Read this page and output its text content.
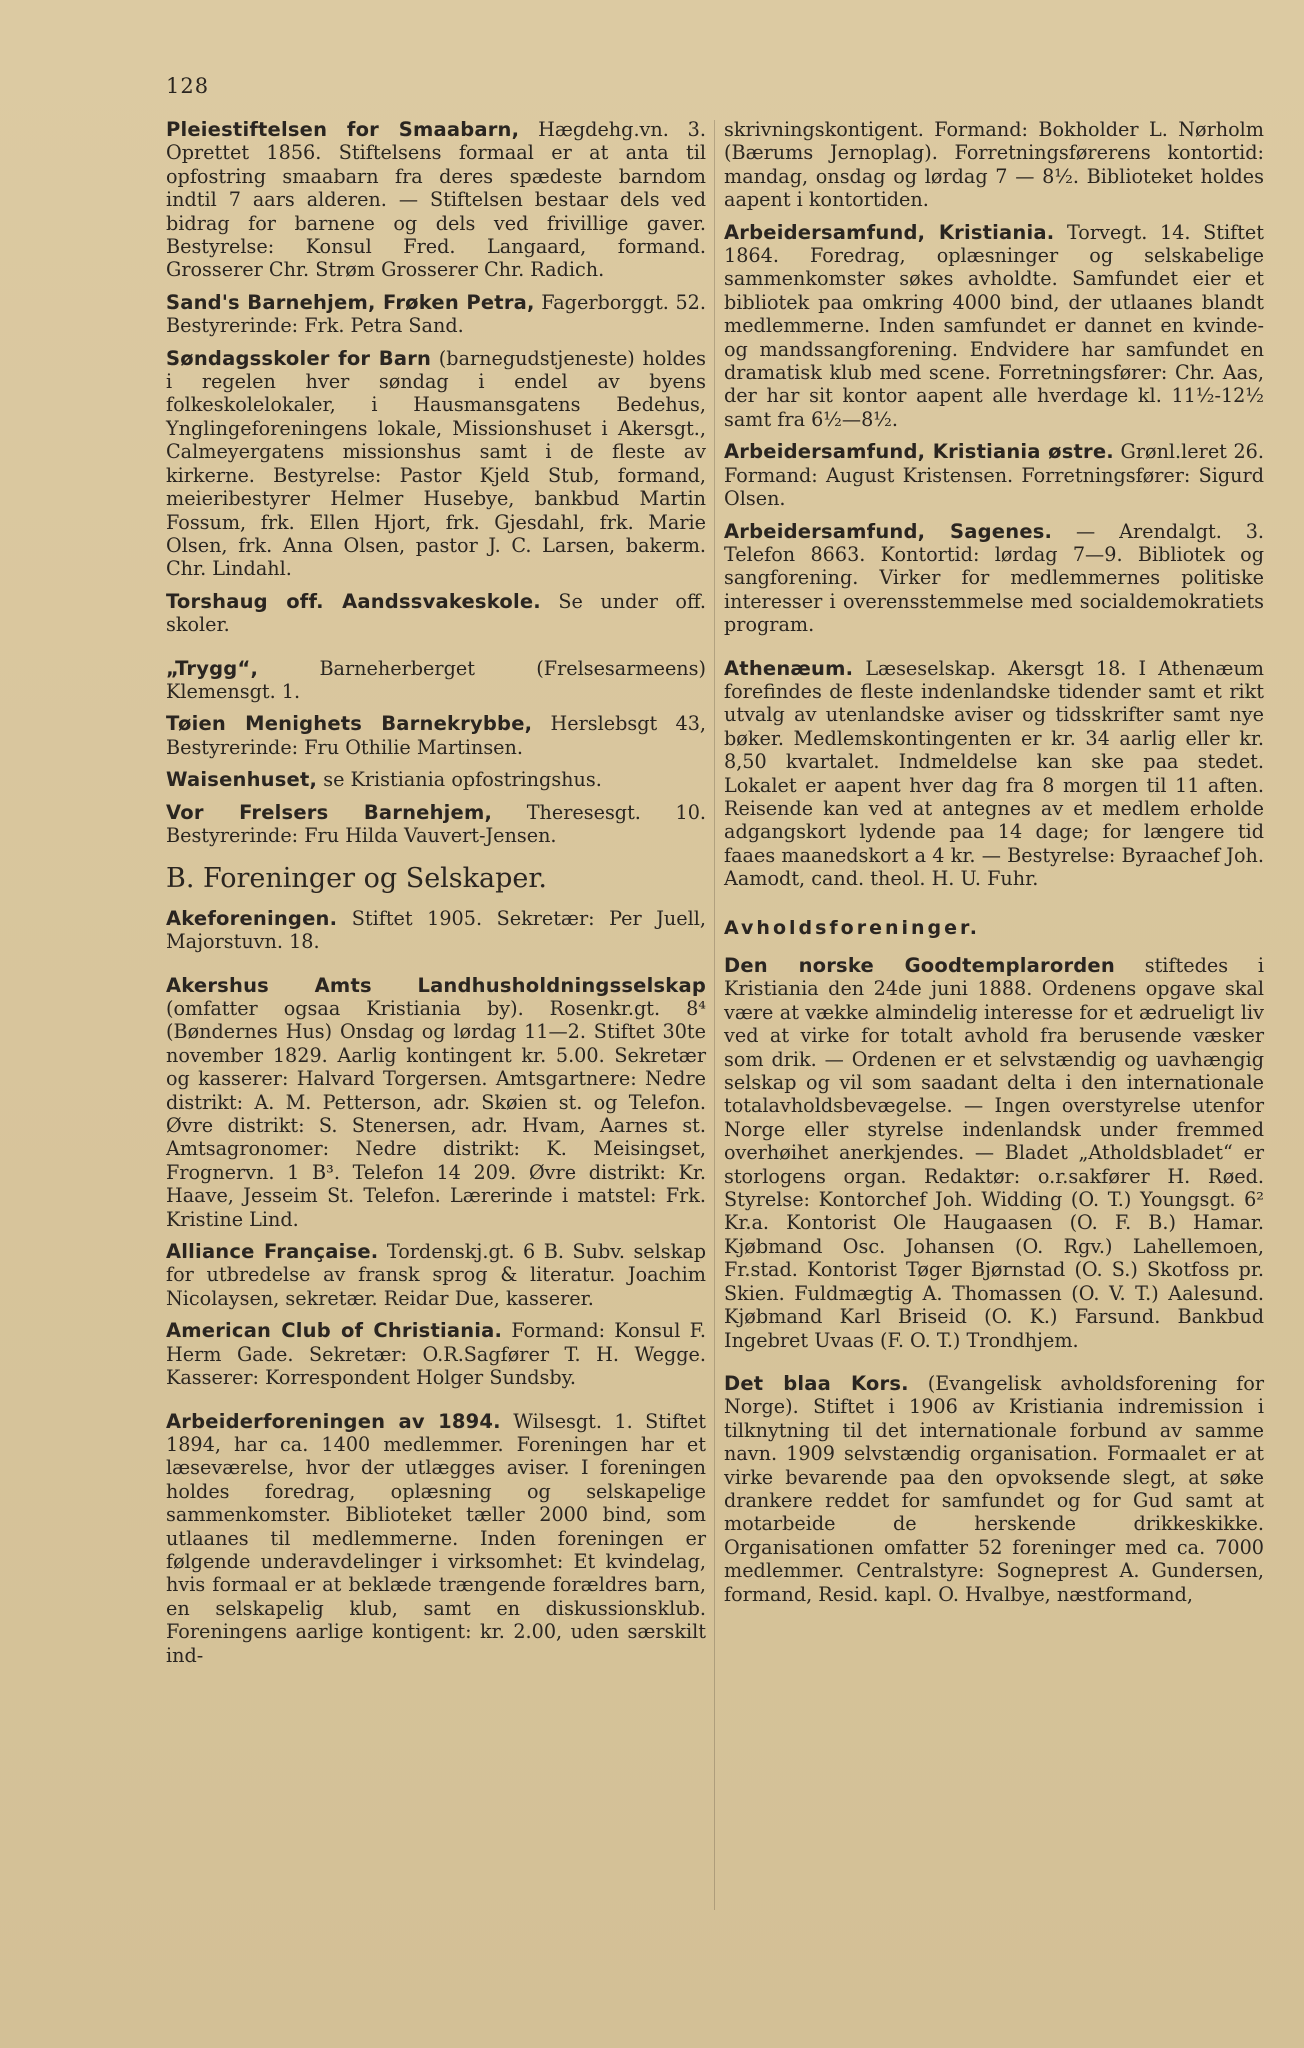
128
Pleiestiftelsen for Smaabarn, Hægdehg.vn. 3. Oprettet 1856. Stiftelsens formaal er at anta til opfostring smaabarn fra deres spædeste barndom indtil 7 aars alderen. — Stiftelsen bestaar dels ved bidrag for barnene og dels ved frivillige gaver. Bestyrelse: Konsul Fred. Langaard, formand. Grosserer Chr. Strøm Grosserer Chr. Radich.
Sand's Barnehjem, Frøken Petra, Fagerborggt. 52. Bestyrerinde: Frk. Petra Sand.
Søndagsskoler for Barn (barnegudstjeneste) holdes i regelen hver søndag i endel av byens folkeskolelokaler, i Hausmansgatens Bedehus, Ynglingeforeningens lokale, Missionshuset i Akersgt., Calmeyergatens missionshus samt i de fleste av kirkerne. Bestyrelse: Pastor Kjeld Stub, formand, meieribestyrer Helmer Husebye, bankbud Martin Fossum, frk. Ellen Hjort, frk. Gjesdahl, frk. Marie Olsen, frk. Anna Olsen, pastor J. C. Larsen, bakerm. Chr. Lindahl.
Torshaug off. Aandssvakeskole. Se under off. skoler.
„Trygg“,	Barneherberget (Frelsesarmeens) Klemensgt. 1.
Tøien Menighets Barnekrybbe, Herslebsgt 43, Bestyrerinde: Fru Othilie Martinsen.
Waisenhuset, se Kristiania opfostringshus.
Vor Frelsers Barnehjem, Theresesgt. 10. Bestyrerinde: Fru Hilda Vauvert-Jensen.
B. Foreninger og Selskaper.
Akeforeningen. Stiftet 1905. Sekretær: Per Juell, Majorstuvn. 18.
Akershus Amts Landhusholdningsselskap (omfatter ogsaa Kristiania by). Rosenkr.gt. 8⁴ (Bøndernes Hus) Onsdag og lørdag 11—2. Stiftet 30te november 1829. Aarlig kontingent kr. 5.00. Sekretær og kasserer: Halvard Torgersen. Amtsgartnere: Nedre distrikt: A. M. Petterson, adr. Skøien st. og Telefon. Øvre distrikt: S. Stenersen, adr. Hvam, Aarnes st. Amtsagronomer: Nedre distrikt: K. Meisingset, Frognervn. 1 B³. Telefon 14 209. Øvre distrikt: Kr. Haave, Jesseim St. Telefon. Lærerinde i matstel: Frk. Kristine Lind.
Alliance Française. Tordenskj.gt. 6 B. Subv. selskap for utbredelse av fransk sprog & literatur. Joachim Nicolaysen, sekretær. Reidar Due, kasserer.
American Club of Christiania. Formand: Konsul F. Herm Gade. Sekretær: O.R.Sagfører T. H. Wegge. Kasserer: Korrespondent Holger Sundsby.
Arbeiderforeningen av 1894. Wilsesgt. 1. Stiftet 1894, har ca. 1400 medlemmer. Foreningen har et læseværelse, hvor der utlægges aviser. I foreningen holdes foredrag, oplæsning og selskapelige sammenkomster. Biblioteket tæller 2000 bind, som utlaanes til medlemmerne. Inden foreningen er følgende underavdelinger i virksomhet: Et kvindelag, hvis formaal er at beklæde trængende forældres barn, en selskapelig klub, samt en diskussionsklub. Foreningens aarlige kontigent: kr. 2.00, uden særskilt ind-
skrivningskontigent. Formand: Bokholder L. Nørholm (Bærums Jernoplag). Forretningsførerens kontortid: mandag, onsdag og lørdag 7 — 8½. Biblioteket holdes aapent i kontortiden.
Arbeidersamfund, Kristiania. Torvegt. 14. Stiftet 1864. Foredrag, oplæsninger og selskabelige sammenkomster søkes avholdte. Samfundet eier et bibliotek paa omkring 4000 bind, der utlaanes blandt medlemmerne. Inden samfundet er dannet en kvinde- og mandssangforening. Endvidere har samfundet en dramatisk klub med scene. Forretningsfører: Chr. Aas, der har sit kontor aapent alle hverdage kl. 11½-12½ samt fra 6½—8½.
Arbeidersamfund, Kristiania østre. Grønl.leret 26. Formand: August Kristensen. Forretningsfører: Sigurd Olsen.
Arbeidersamfund, Sagenes. — Arendalgt. 3. Telefon 8663. Kontortid: lørdag 7—9. Bibliotek og sangforening. Virker for medlemmernes politiske interesser i overensstemmelse med socialdemokratiets program.
Athenæum. Læseselskap. Akersgt 18. I Athenæum forefindes de fleste indenlandske tidender samt et rikt utvalg av utenlandske aviser og tidsskrifter samt nye bøker. Medlemskontingenten er kr. 34 aarlig eller kr. 8,50 kvartalet. Indmeldelse kan ske paa stedet. Lokalet er aapent hver dag fra 8 morgen til 11 aften. Reisende kan ved at antegnes av et medlem erholde adgangskort lydende paa 14 dage; for længere tid faaes maanedskort a 4 kr. — Bestyrelse: Byraachef Joh. Aamodt, cand. theol. H. U. Fuhr.
Avholdsforeninger.
Den norske Goodtemplarorden stiftedes i Kristiania den 24de juni 1888. Ordenens opgave skal være at vække almindelig interesse for et ædrueligt liv ved at virke for totalt avhold fra berusende væsker som drik. — Ordenen er et selvstændig og uavhængig selskap og vil som saadant delta i den internationale totalavholdsbevægelse. — Ingen overstyrelse utenfor Norge eller styrelse indenlandsk under fremmed overhøihet anerkjendes. — Bladet „Atholdsbladet“ er storlogens organ. Redaktør: o.r.sakfører H. Røed. Styrelse: Kontorchef Joh. Widding (O. T.) Youngsgt. 6² Kr.a. Kontorist Ole Haugaasen (O. F. B.) Hamar. Kjøbmand Osc. Johansen (O. Rgv.) Lahellemoen, Fr.stad. Kontorist Tøger Bjørnstad (O. S.) Skotfoss pr. Skien. Fuldmægtig A. Thomassen (O. V. T.) Aalesund. Kjøbmand Karl Briseid (O. K.) Farsund. Bankbud Ingebret Uvaas (F. O. T.) Trondhjem.
Det blaa Kors. (Evangelisk avholdsforening for Norge). Stiftet i 1906 av Kristiania indremission i tilknytning til det internationale forbund av samme navn. 1909 selvstændig organisation. Formaalet er at virke bevarende paa den opvoksende slegt, at søke drankere reddet for samfundet og for Gud samt at motarbeide de herskende drikkeskikke. Organisationen omfatter 52 foreninger med ca. 7000 medlemmer. Centralstyre: Sogneprest A. Gundersen, formand, Resid. kapl. O. Hvalbye, næstformand,
